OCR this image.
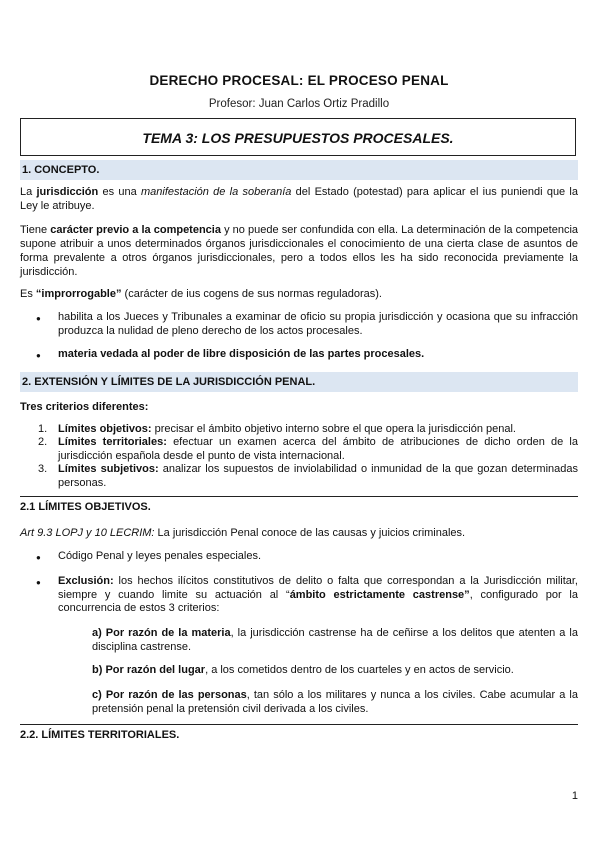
DERECHO PROCESAL: EL PROCESO PENAL
Profesor: Juan Carlos Ortiz Pradillo
TEMA 3: LOS PRESUPUESTOS PROCESALES.
1. CONCEPTO.
La jurisdicción es una manifestación de la soberanía del Estado (potestad) para aplicar el ius puniendi que la Ley le atribuye.
Tiene carácter previo a la competencia y no puede ser confundida con ella. La determinación de la competencia supone atribuir a unos determinados órganos jurisdiccionales el conocimiento de una cierta clase de asuntos de forma prevalente a otros órganos jurisdiccionales, pero a todos ellos les ha sido reconocida previamente la jurisdicción.
Es “improrrogable” (carácter de ius cogens de sus normas reguladoras).
● habilita a los Jueces y Tribunales a examinar de oficio su propia jurisdicción y ocasiona que su infracción produzca la nulidad de pleno derecho de los actos procesales.
● materia vedada al poder de libre disposición de las partes procesales.
2. EXTENSIÓN Y LÍMITES DE LA JURISDICCIÓN PENAL.
Tres criterios diferentes:
1. Límites objetivos: precisar el ámbito objetivo interno sobre el que opera la jurisdicción penal.
2. Límites territoriales: efectuar un examen acerca del ámbito de atribuciones de dicho orden de la jurisdicción española desde el punto de vista internacional.
3. Límites subjetivos: analizar los supuestos de inviolabilidad o inmunidad de la que gozan determinadas personas.
2.1 LÍMITES OBJETIVOS.
Art 9.3 LOPJ y 10 LECRIM: La jurisdicción Penal conoce de las causas y juicios criminales.
● Código Penal y leyes penales especiales.
● Exclusión: los hechos ilícitos constitutivos de delito o falta que correspondan a la Jurisdicción militar, siempre y cuando limite su actuación al “ámbito estrictamente castrense”, configurado por la concurrencia de estos 3 criterios:
a) Por razón de la materia, la jurisdicción castrense ha de ceñirse a los delitos que atenten a la disciplina castrense.
b) Por razón del lugar, a los cometidos dentro de los cuarteles y en actos de servicio.
c) Por razón de las personas, tan sólo a los militares y nunca a los civiles. Cabe acumular a la pretensión penal la pretensión civil derivada a los civiles.
2.2. LÍMITES TERRITORIALES.
1
